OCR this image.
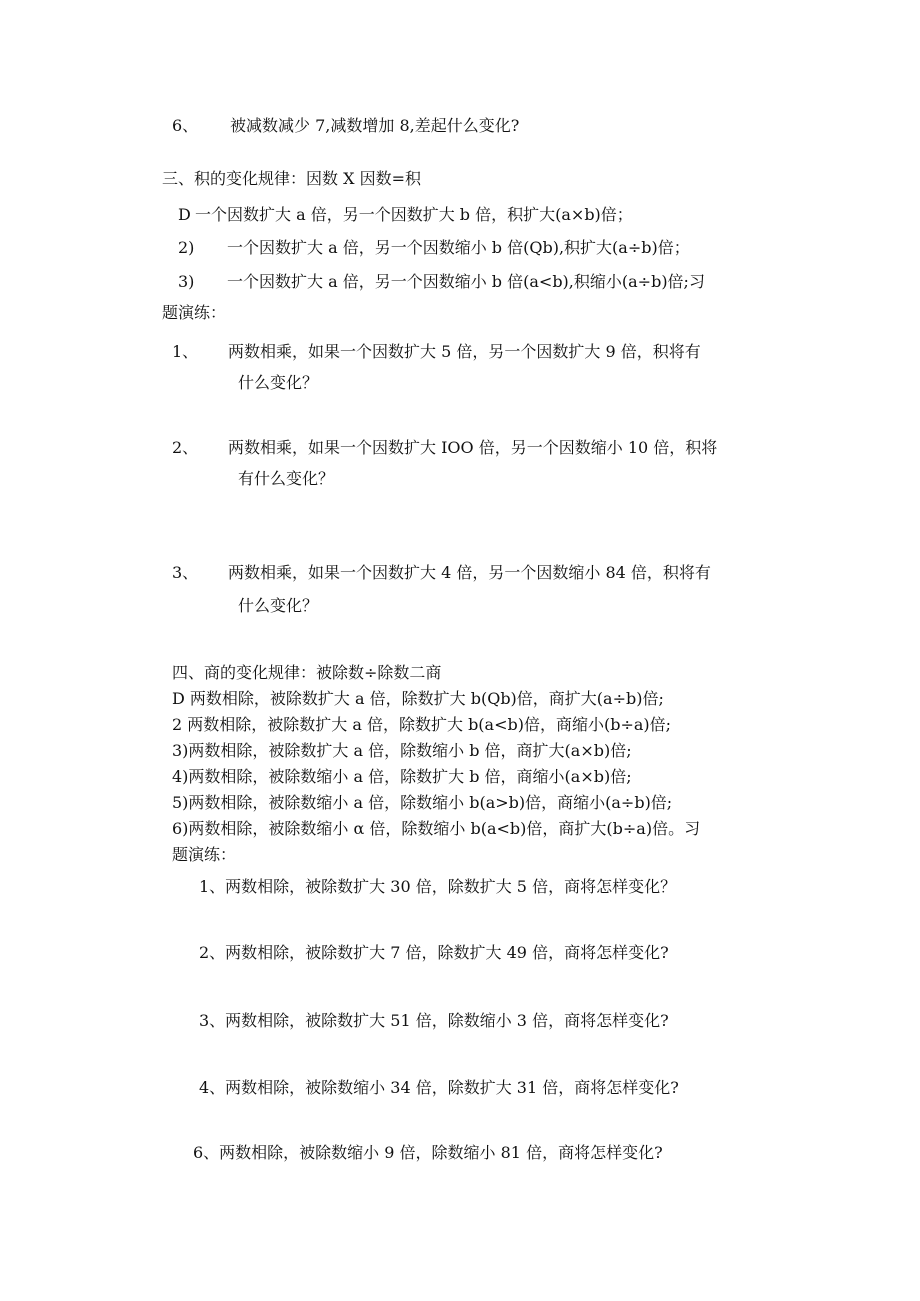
6、 被减数减少 7,减数增加 8,差起什么变化?
三、积的变化规律：因数 X 因数=积
D 一个因数扩大 a 倍，另一个因数扩大 b 倍，积扩大(a×b)倍；
2) 一个因数扩大 a 倍，另一个因数缩小 b 倍(Qb),积扩大(a÷b)倍；
3) 一个因数扩大 a 倍，另一个因数缩小 b 倍(a<b),积缩小(a÷b)倍;习
题演练：
1、 两数相乘，如果一个因数扩大 5 倍，另一个因数扩大 9 倍，积将有
什么变化？
2、 两数相乘，如果一个因数扩大 IOO 倍，另一个因数缩小 10 倍，积将
有什么变化？
3、 两数相乘，如果一个因数扩大 4 倍，另一个因数缩小 84 倍，积将有
什么变化？
四、商的变化规律：被除数÷除数二商
D 两数相除，被除数扩大 a 倍，除数扩大 b(Qb)倍，商扩大(a÷b)倍;
2 两数相除，被除数扩大 a 倍，除数扩大 b(a<b)倍，商缩小(b÷a)倍;
3)两数相除，被除数扩大 a 倍，除数缩小 b 倍，商扩大(a×b)倍;
4)两数相除，被除数缩小 a 倍，除数扩大 b 倍，商缩小(a×b)倍;
5)两数相除，被除数缩小 a 倍，除数缩小 b(a>b)倍，商缩小(a÷b)倍;
6)两数相除，被除数缩小 α 倍，除数缩小 b(a<b)倍，商扩大(b÷a)倍。习
题演练：
1、两数相除，被除数扩大 30 倍，除数扩大 5 倍，商将怎样变化？
2、两数相除，被除数扩大 7 倍，除数扩大 49 倍，商将怎样变化?
3、两数相除，被除数扩大 51 倍，除数缩小 3 倍，商将怎样变化?
4、两数相除，被除数缩小 34 倍，除数扩大 31 倍，商将怎样变化?
6、两数相除，被除数缩小 9 倍，除数缩小 81 倍，商将怎样变化?
